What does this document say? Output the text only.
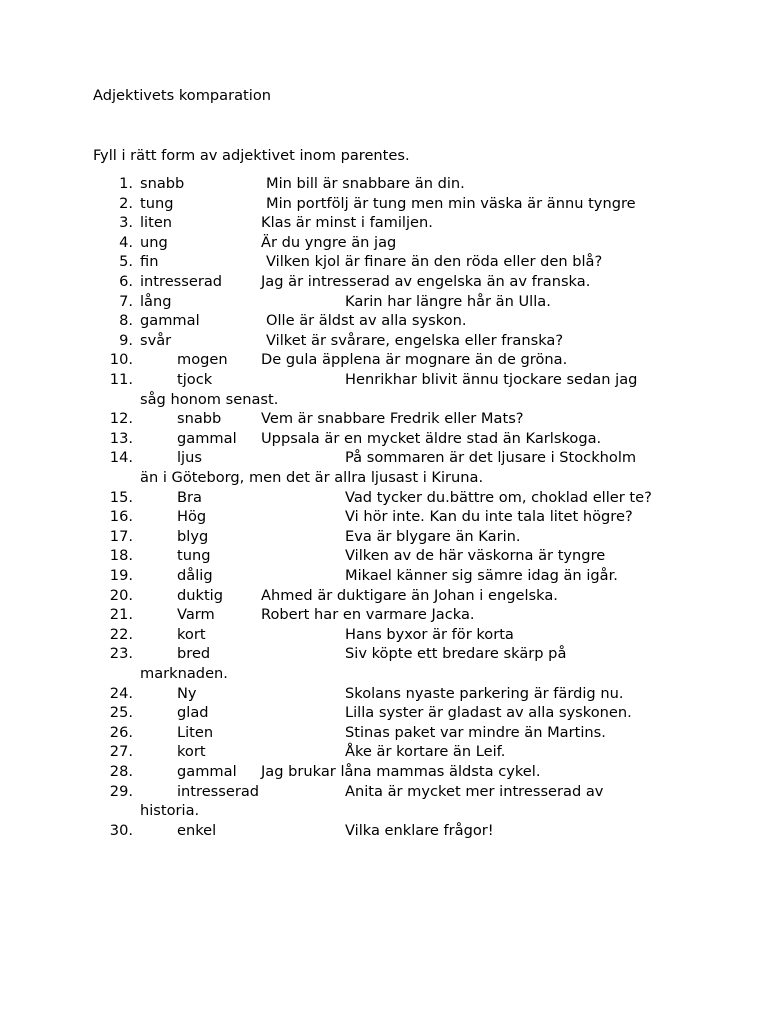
Adjektivets komparation
Fyll i rätt form av adjektivet inom parentes.
1. snabb	Min bill är snabbare än din.
2. tung	Min portfölj är tung men min väska är ännu tyngre
3. liten	Klas är minst i familjen.
4. ung	Är du yngre än jag
5. fin	Vilken kjol är finare än den röda eller den blå?
6. intresserad	Jag är intresserad av engelska än av franska.
7. lång	Karin har längre hår än Ulla.
8. gammal	Olle är äldst av alla syskon.
9. svår	Vilket är svårare, engelska eller franska?
10.	mogen De gula äpplena är mognare än de gröna.
11.	tjock	Henrikhar blivit ännu tjockare sedan jag
såg honom senast.
12.	snabb	Vem är snabbare Fredrik eller Mats?
13.	gammal Uppsala är en mycket äldre stad än Karlskoga.
14.	ljus	På sommaren är det ljusare i Stockholm
än i Göteborg, men det är allra ljusast i Kiruna.
15.	Bra	Vad tycker du.bättre om, choklad eller te?
16.	Hög	Vi hör inte. Kan du inte tala litet högre?
17.	blyg	Eva är blygare än Karin.
18.	tung	Vilken av de här väskorna är tyngre
19.	dålig	Mikael känner sig sämre idag än igår.
20.	duktig	Ahmed är duktigare än Johan i engelska.
21.	Varm	Robert har en varmare Jacka.
22.	kort	Hans byxor är för korta
23.	bred	Siv köpte ett bredare skärp på
marknaden.
24.	Ny	Skolans nyaste parkering är färdig nu.
25.	glad	Lilla syster är gladast av alla syskonen.
26.	Liten	Stinas paket var mindre än Martins.
27.	kort	Åke är kortare än Leif.
28.	gammal Jag brukar låna mammas äldsta cykel.
29.	intresserad	Anita är mycket mer intresserad av
historia.
30.	enkel	Vilka enklare frågor!
